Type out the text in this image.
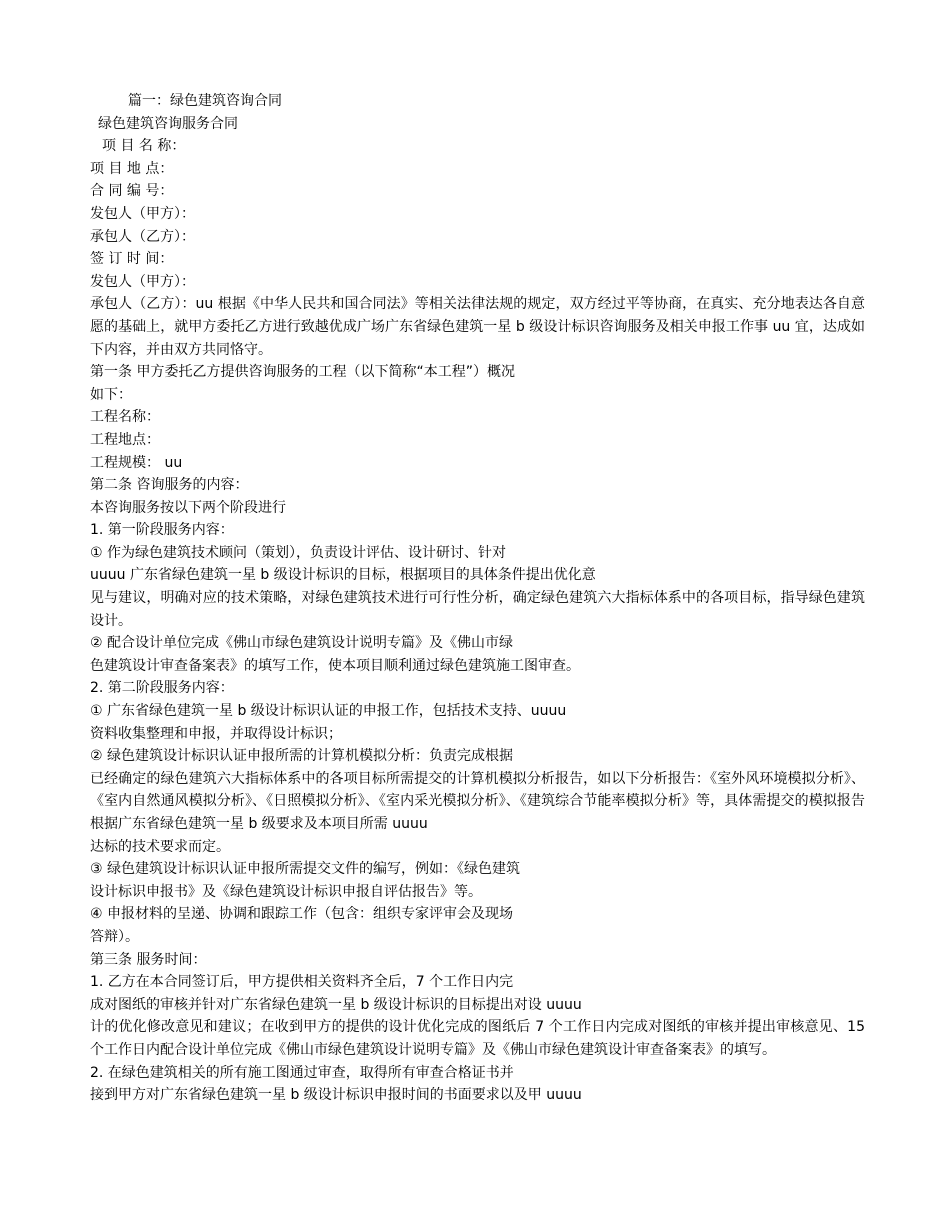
篇一：绿色建筑咨询合同

绿色建筑咨询服务合同

项 目 名 称：

项 目 地 点：

合 同 编 号：

发包人（甲方）：

承包人（乙方）：

签 订 时 间：

发包人（甲方）：

承包人（乙方）：uu 根据《中华人民共和国合同法》等相关法律法规的规定，双方经过平等协商，在真实、充分地表达各自意愿的基础上，就甲方委托乙方进行致越优成广场广东省绿色建筑一星 b 级设计标识咨询服务及相关申报工作事 uu 宜，达成如下内容，并由双方共同恪守。

第一条 甲方委托乙方提供咨询服务的工程（以下简称“本工程”）概况

如下：

工程名称：

工程地点：

工程规模： uu

第二条 咨询服务的内容：

本咨询服务按以下两个阶段进行

1. 第一阶段服务内容：

① 作为绿色建筑技术顾问（策划），负责设计评估、设计研讨、针对

uuuu 广东省绿色建筑一星 b 级设计标识的目标，根据项目的具体条件提出优化意

见与建议，明确对应的技术策略，对绿色建筑技术进行可行性分析，确定绿色建筑六大指标体系中的各项目标，指导绿色建筑设计。

② 配合设计单位完成《佛山市绿色建筑设计说明专篇》及《佛山市绿

色建筑设计审查备案表》的填写工作，使本项目顺利通过绿色建筑施工图审查。

2. 第二阶段服务内容：

① 广东省绿色建筑一星 b 级设计标识认证的申报工作，包括技术支持、uuuu

资料收集整理和申报，并取得设计标识；

② 绿色建筑设计标识认证申报所需的计算机模拟分析：负责完成根据

已经确定的绿色建筑六大指标体系中的各项目标所需提交的计算机模拟分析报告，如以下分析报告：《室外风环境模拟分析》、《室内自然通风模拟分析》、《日照模拟分析》、《室内采光模拟分析》、《建筑综合节能率模拟分析》等，具体需提交的模拟报告根据广东省绿色建筑一星 b 级要求及本项目所需 uuuu

达标的技术要求而定。

③ 绿色建筑设计标识认证申报所需提交文件的编写，例如：《绿色建筑

设计标识申报书》及《绿色建筑设计标识申报自评估报告》等。

④ 申报材料的呈递、协调和跟踪工作（包含：组织专家评审会及现场

答辩）。

第三条 服务时间：

1. 乙方在本合同签订后，甲方提供相关资料齐全后，7 个工作日内完

成对图纸的审核并针对广东省绿色建筑一星 b 级设计标识的目标提出对设 uuuu

计的优化修改意见和建议；在收到甲方的提供的设计优化完成的图纸后 7 个工作日内完成对图纸的审核并提出审核意见、15 个工作日内配合设计单位完成《佛山市绿色建筑设计说明专篇》及《佛山市绿色建筑设计审查备案表》的填写。

2. 在绿色建筑相关的所有施工图通过审查，取得所有审查合格证书并

接到甲方对广东省绿色建筑一星 b 级设计标识申报时间的书面要求以及甲 uuuu
